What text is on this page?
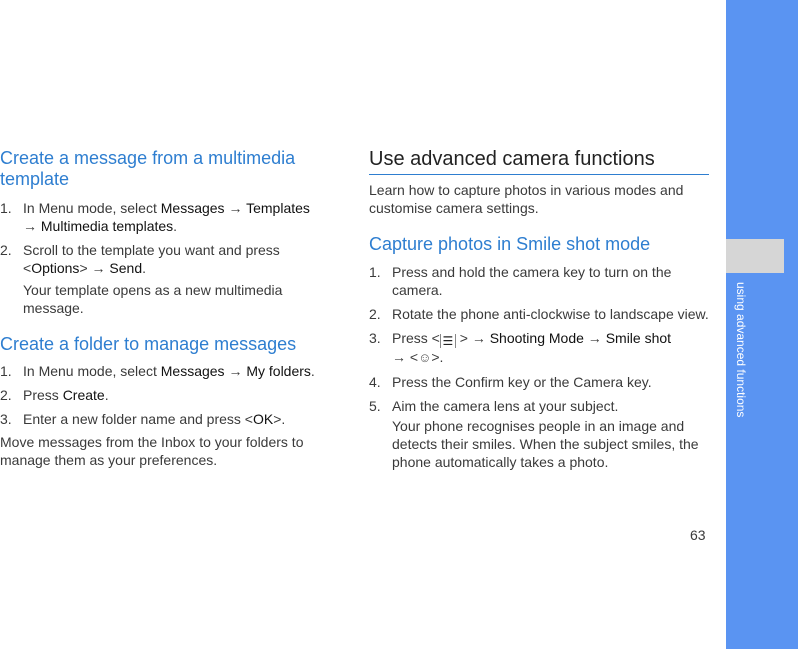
using advanced functions
63
Create a message from a multimedia
template
1. In Menu mode, select Messages → Templates
→ Multimedia templates.
2. Scroll to the template you want and press
<Options> → Send.
Your template opens as a new multimedia message.
Create a folder to manage messages
1. In Menu mode, select Messages → My folders.
2. Press Create.
3. Enter a new folder name and press <OK>.
Move messages from the Inbox to your folders to manage them as your preferences.
Use advanced camera functions
Learn how to capture photos in various modes and customise camera settings.
Capture photos in Smile shot mode
1. Press and hold the camera key to turn on the camera.
2. Rotate the phone anti-clockwise to landscape view.
3. Press < ☰ > → Shooting Mode → Smile shot
→ <☺>.
4. Press the Confirm key or the Camera key.
5. Aim the camera lens at your subject.
Your phone recognises people in an image and detects their smiles. When the subject smiles, the phone automatically takes a photo.
